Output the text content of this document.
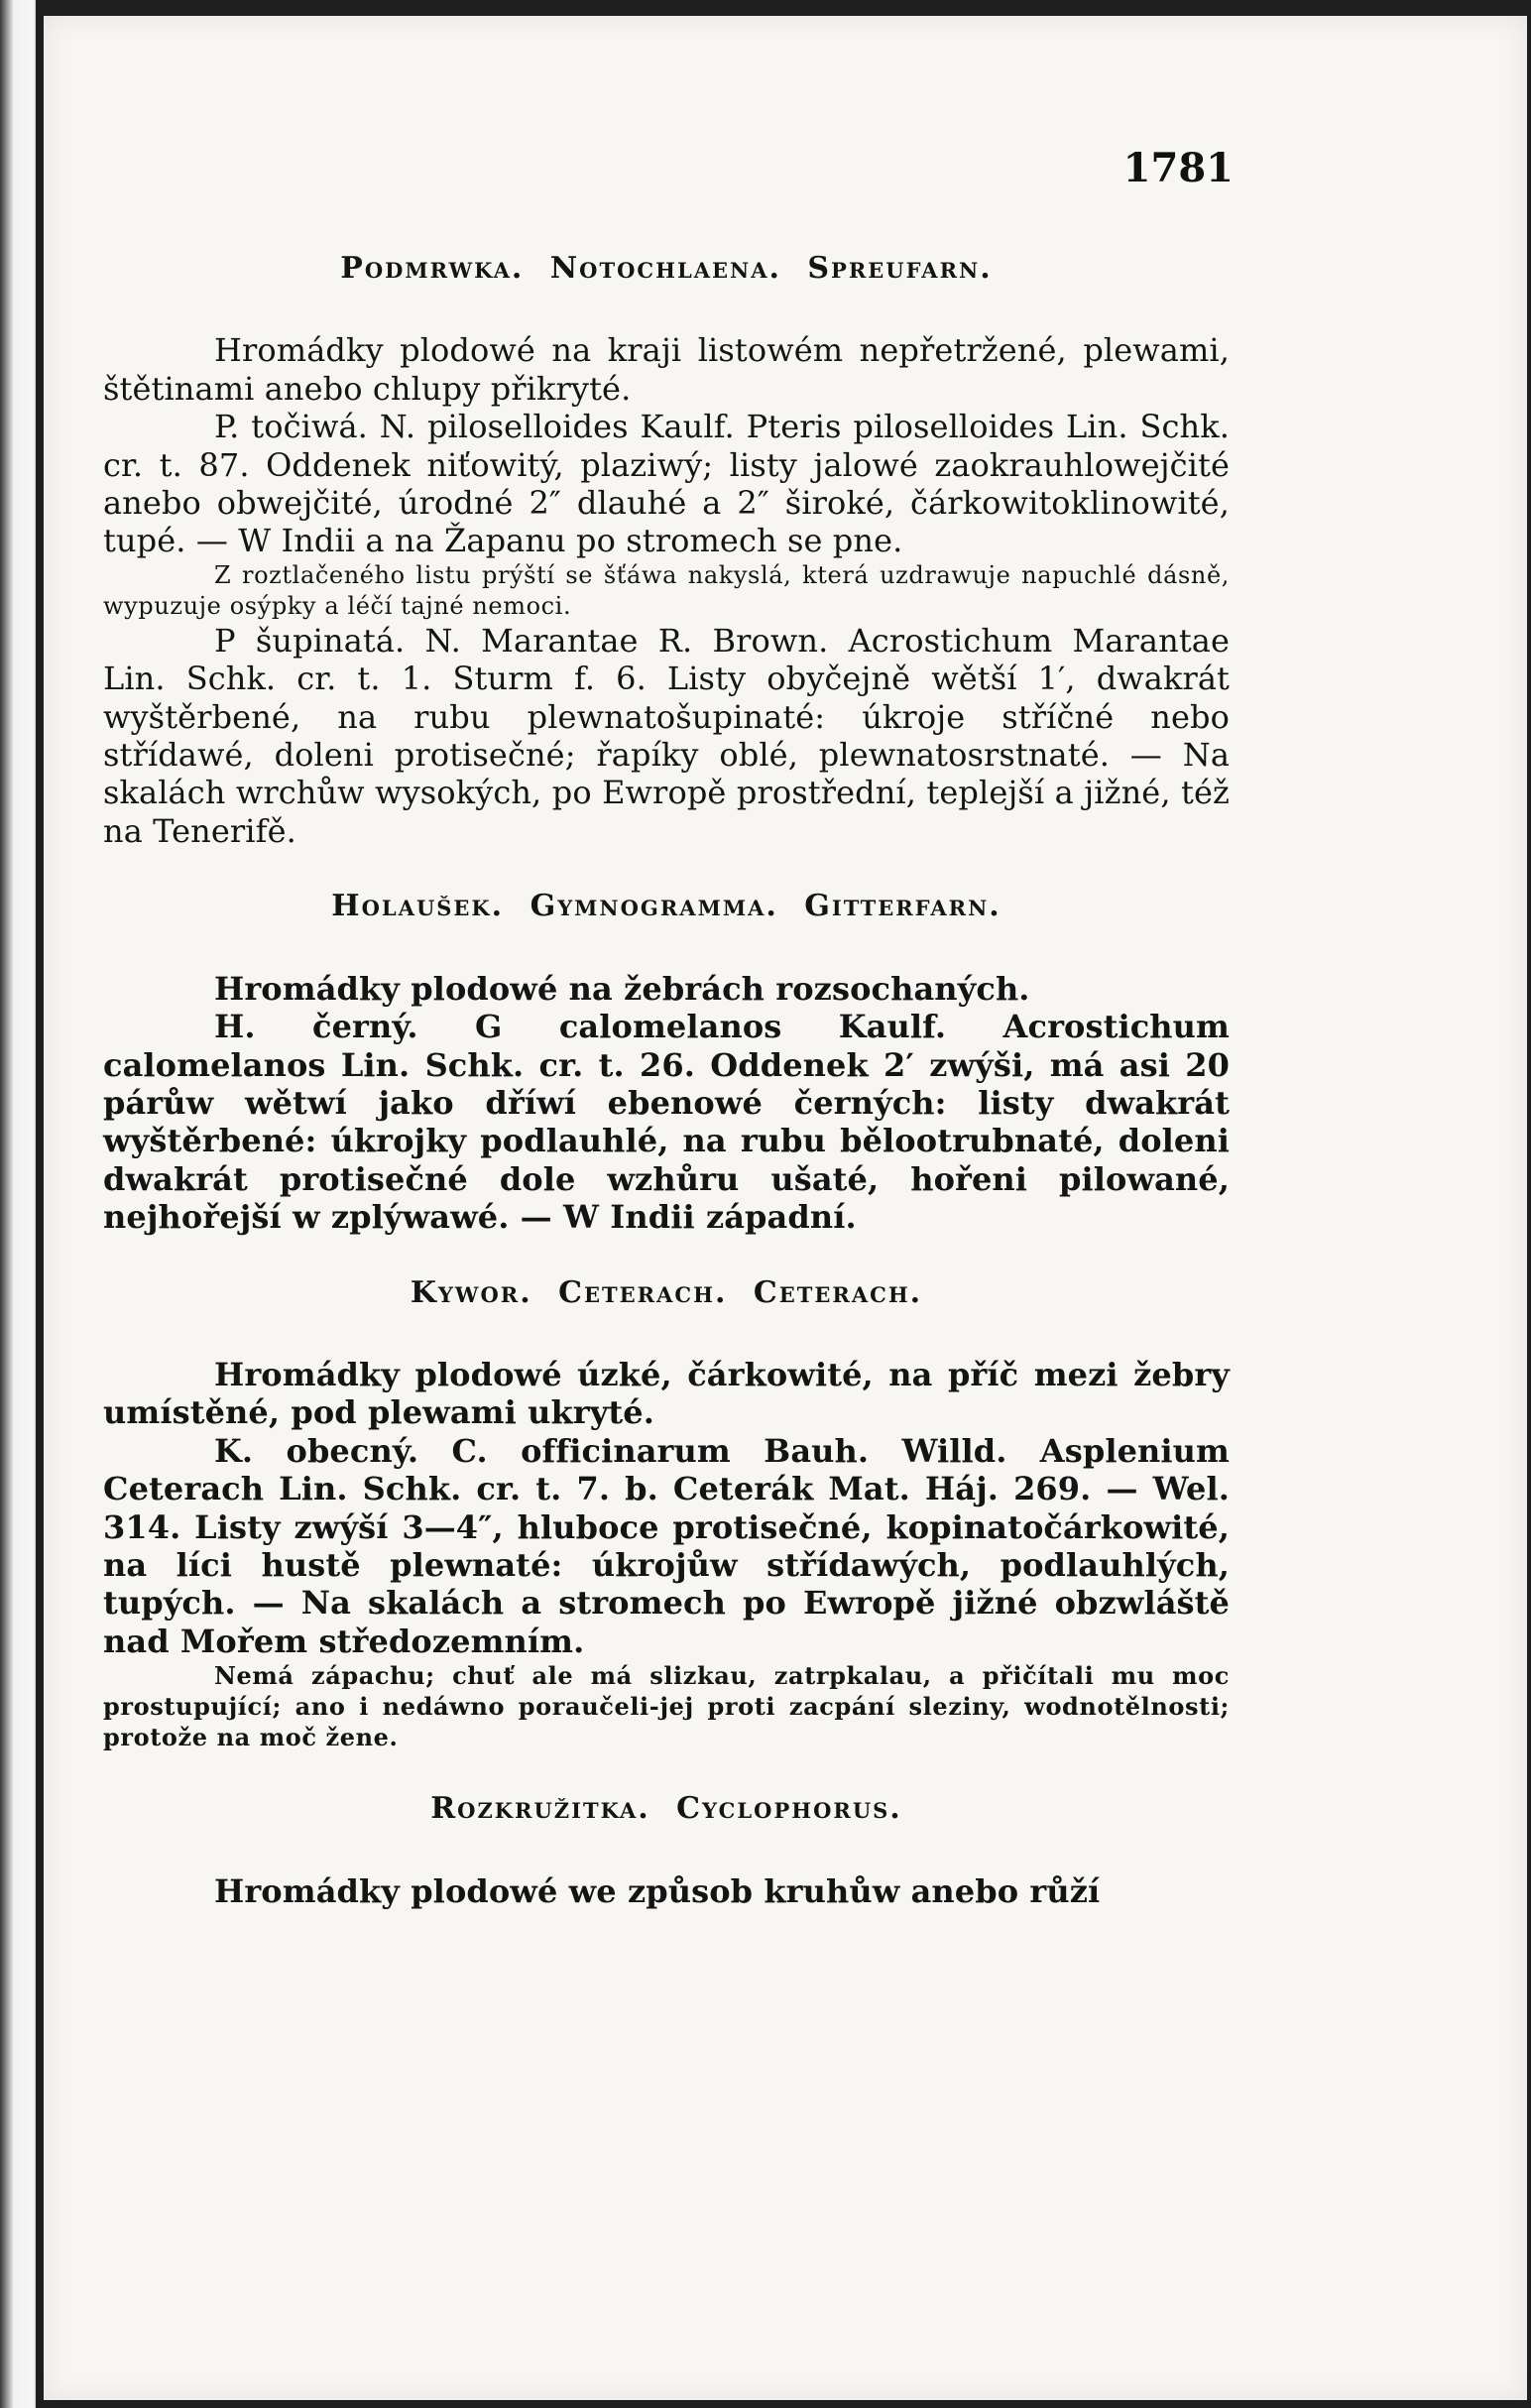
1781
Podmrwka. Notochlaena. Spreufarn.

Hromádky plodowé na kraji listowém nepřetržené, plewami, štětinami anebo chlupy přikryté.

P. točiwá. N. piloselloides Kaulf. Pteris piloselloides Lin. Schk. cr. t. 87. Oddenek niťowitý, plaziwý; listy jalowé zaokrauhlowejčité anebo obwejčité, úrodné 2″ dlauhé a 2″ široké, čárkowitoklinowité, tupé. — W Indii a na Žapanu po stromech se pne.

Z roztlačeného listu prýští se šťáwa nakyslá, která uzdrawuje napuchlé dásně, wypuzuje osýpky a léčí tajné nemoci.

P šupinatá. N. Marantae R. Brown. Acrostichum Marantae Lin. Schk. cr. t. 1. Sturm f. 6. Listy obyčejně wětší 1′, dwakrát wyštěrbené, na rubu plewnatošupinaté: úkroje stříčné nebo střídawé, doleni protisečné; řapíky oblé, plewnatosrstnaté. — Na skalách wrchůw wysokých, po Ewropě prostřední, teplejší a jižné, též na Tenerifě.

Holaušek. Gymnogramma. Gitterfarn.

Hromádky plodowé na žebrách rozsochaných.

H. černý. G calomelanos Kaulf. Acrostichum calomelanos Lin. Schk. cr. t. 26. Oddenek 2′ zwýši, má asi 20 párůw wětwí jako dříwí ebenowé černých: listy dwakrát wyštěrbené: úkrojky podlauhlé, na rubu bělootrubnaté, doleni dwakrát protisečné dole wzhůru ušaté, hořeni pilowané, nejhořejší w zplýwawé. — W Indii západní.

Kywor. Ceterach. Ceterach.

Hromádky plodowé úzké, čárkowité, na příč mezi žebry umístěné, pod plewami ukryté.

K. obecný. C. officinarum Bauh. Willd. Asplenium Ceterach Lin. Schk. cr. t. 7. b. Ceterák Mat. Háj. 269. — Wel. 314. Listy zwýší 3—4″, hluboce protisečné, kopinatočárkowité, na líci hustě plewnaté: úkrojůw střídawých, podlauhlých, tupých. — Na skalách a stromech po Ewropě jižné obzwláště nad Mořem středozemním.

Nemá zápachu; chuť ale má slizkau, zatrpkalau, a přičítali mu moc prostupující; ano i nedáwno poraučeli-jej proti zacpání sleziny, wodnotělnosti; protože na moč žene.

Rozkružitka. Cyclophorus.

Hromádky plodowé we způsob kruhůw anebo růží
